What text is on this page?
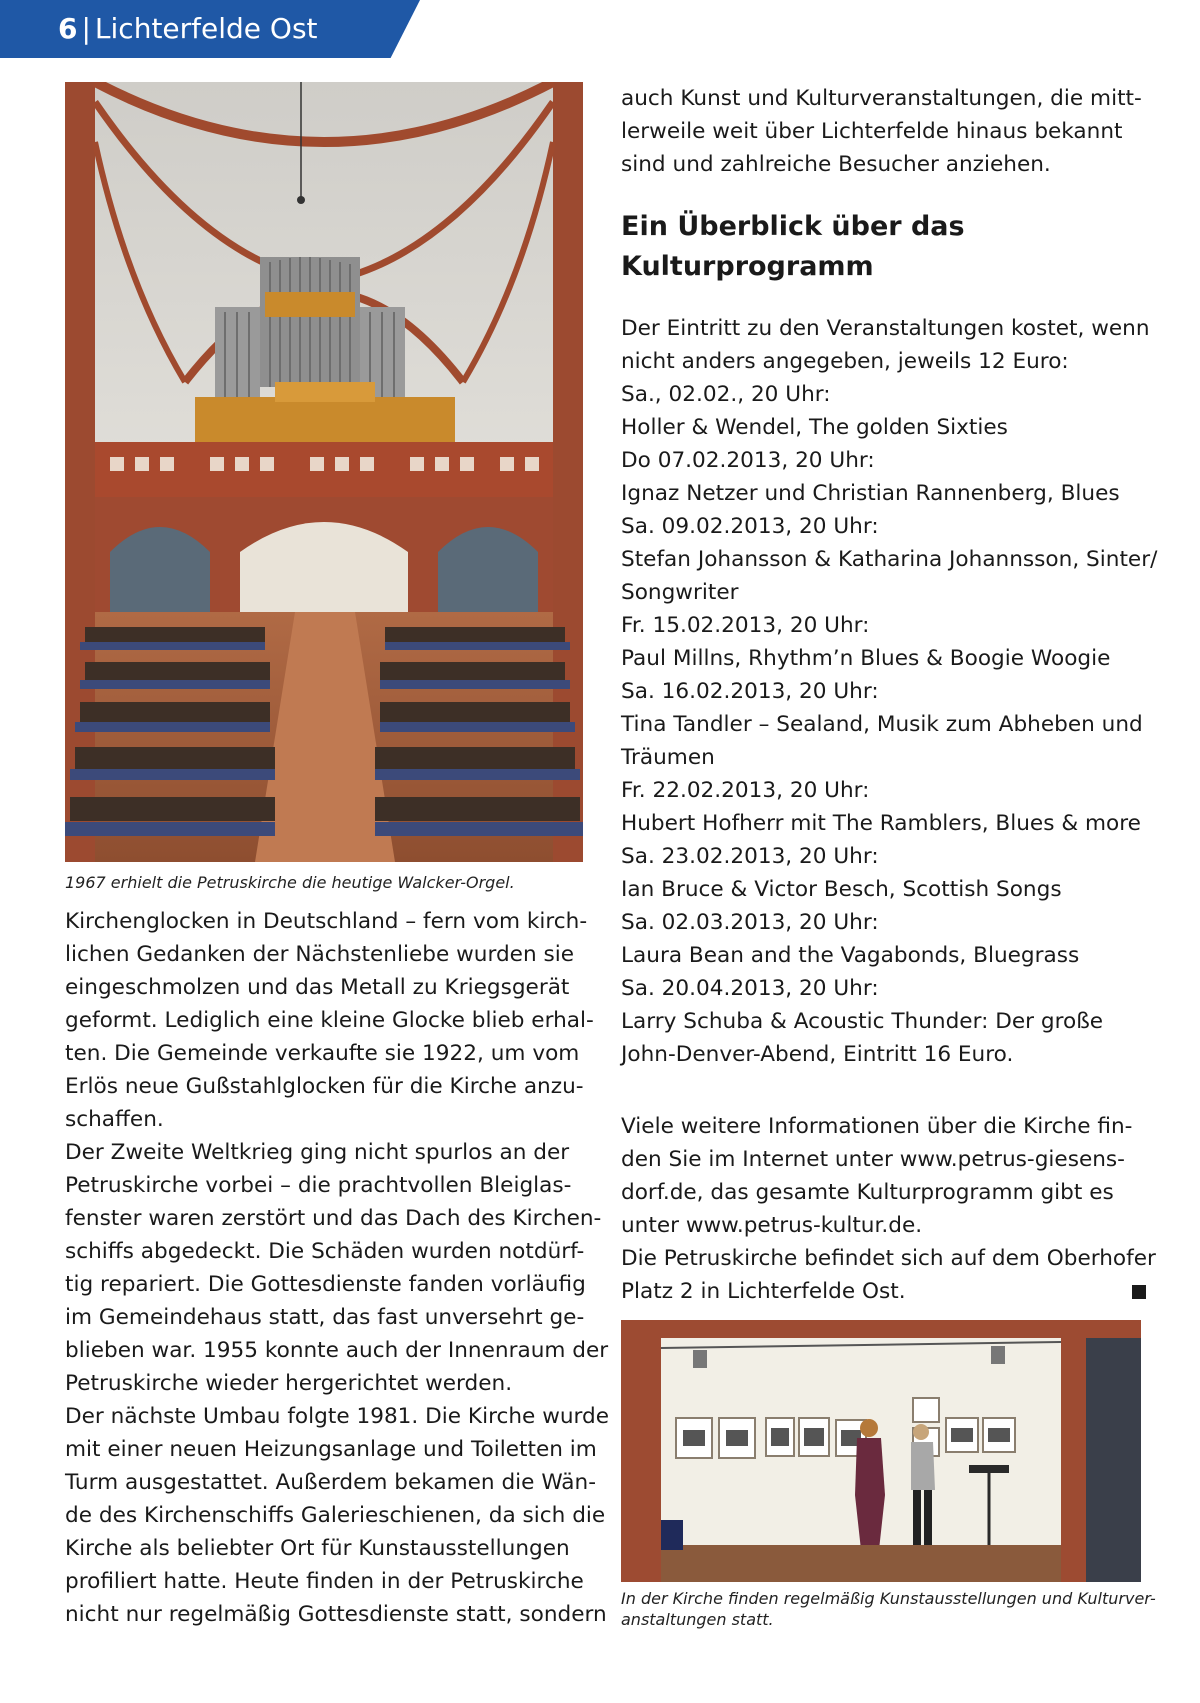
6 | Lichterfelde Ost
1967 erhielt die Petruskirche die heutige Walcker-Orgel.
Kirchenglocken in Deutschland – fern vom kirch-
lichen Gedanken der Nächstenliebe wurden sie
eingeschmolzen und das Metall zu Kriegsgerät
geformt. Lediglich eine kleine Glocke blieb erhal-
ten. Die Gemeinde verkaufte sie 1922, um vom
Erlös neue Gußstahlglocken für die Kirche anzu-
schaffen.
Der Zweite Weltkrieg ging nicht spurlos an der
Petruskirche vorbei – die prachtvollen Bleiglas-
fenster waren zerstört und das Dach des Kirchen-
schiffs abgedeckt. Die Schäden wurden notdürf-
tig repariert. Die Gottesdienste fanden vorläufig
im Gemeindehaus statt, das fast unversehrt ge-
blieben war. 1955 konnte auch der Innenraum der
Petruskirche wieder hergerichtet werden.
Der nächste Umbau folgte 1981. Die Kirche wurde
mit einer neuen Heizungsanlage und Toiletten im
Turm ausgestattet. Außerdem bekamen die Wän-
de des Kirchenschiffs Galerieschienen, da sich die
Kirche als beliebter Ort für Kunstausstellungen
profiliert hatte. Heute finden in der Petruskirche
nicht nur regelmäßig Gottesdienste statt, sondern
auch Kunst und Kulturveranstaltungen, die mitt-
lerweile weit über Lichterfelde hinaus bekannt
sind und zahlreiche Besucher anziehen.
Ein Überblick über das
Kulturprogramm
Der Eintritt zu den Veranstaltungen kostet, wenn
nicht anders angegeben, jeweils 12 Euro:
Sa., 02.02., 20 Uhr:
Holler & Wendel, The golden Sixties
Do 07.02.2013, 20 Uhr:
Ignaz Netzer und Christian Rannenberg, Blues
Sa. 09.02.2013, 20 Uhr:
Stefan Johansson & Katharina Johannsson, Sinter/
Songwriter
Fr. 15.02.2013, 20 Uhr:
Paul Millns, Rhythm’n Blues & Boogie Woogie
Sa. 16.02.2013, 20 Uhr:
Tina Tandler – Sealand, Musik zum Abheben und
Träumen
Fr. 22.02.2013, 20 Uhr:
Hubert Hofherr mit The Ramblers, Blues & more
Sa. 23.02.2013, 20 Uhr:
Ian Bruce & Victor Besch, Scottish Songs
Sa. 02.03.2013, 20 Uhr:
Laura Bean and the Vagabonds, Bluegrass
Sa. 20.04.2013, 20 Uhr:
Larry Schuba & Acoustic Thunder: Der große
John-Denver-Abend, Eintritt 16 Euro.
Viele weitere Informationen über die Kirche fin-
den Sie im Internet unter www.petrus-giesens-
dorf.de, das gesamte Kulturprogramm gibt es
unter www.petrus-kultur.de.
Die Petruskirche befindet sich auf dem Oberhofer
Platz 2 in Lichterfelde Ost.
In der Kirche finden regelmäßig Kunstausstellungen und Kulturver-
anstaltungen statt.
